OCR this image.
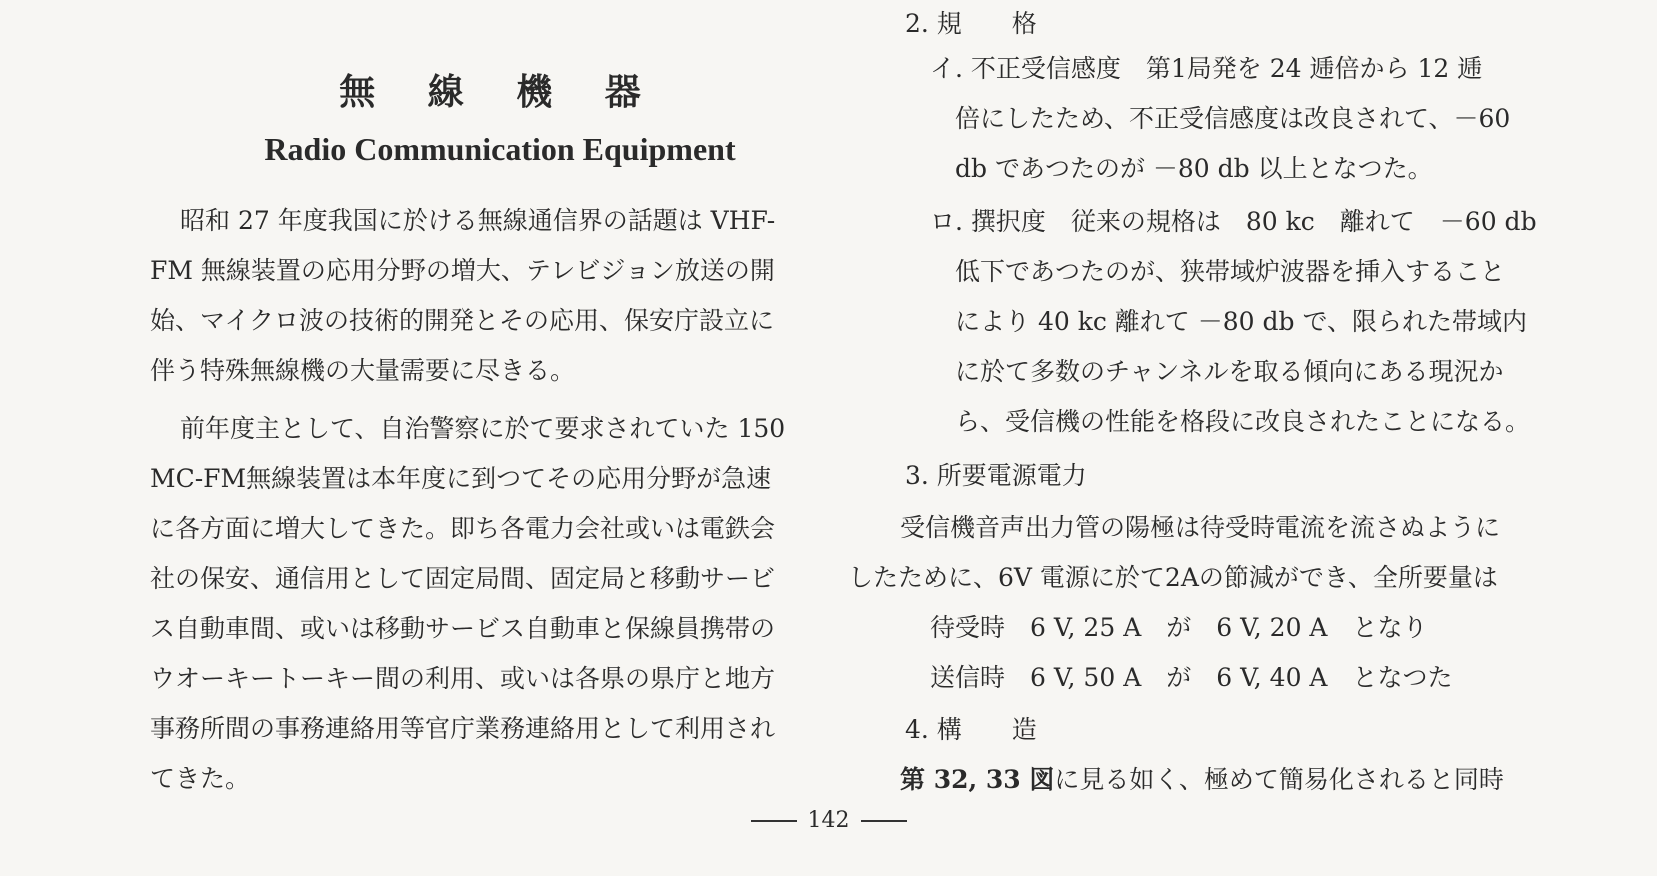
無 線 機 器
Radio Communication Equipment
昭和 27 年度我国に於ける無線通信界の話題は VHF-
FM 無線装置の応用分野の増大、テレビジョン放送の開
始、マイクロ波の技術的開発とその応用、保安庁設立に
伴う特殊無線機の大量需要に尽きる。
前年度主として、自治警察に於て要求されていた 150
MC-FM無線装置は本年度に到つてその応用分野が急速
に各方面に増大してきた。即ち各電力会社或いは電鉄会
社の保安、通信用として固定局間、固定局と移動サービ
ス自動車間、或いは移動サービス自動車と保線員携帯の
ウオーキートーキー間の利用、或いは各県の県庁と地方
事務所間の事務連絡用等官庁業務連絡用として利用され
てきた。
2. 規　　格
イ. 不正受信感度　第1局発を 24 逓倍から 12 逓
倍にしたため、不正受信感度は改良されて、－60
db であつたのが －80 db 以上となつた。
ロ. 撰択度　従来の規格は　80 kc　離れて　－60 db
低下であつたのが、狭帯域炉波器を挿入すること
により 40 kc 離れて －80 db で、限られた帯域内
に於て多数のチャンネルを取る傾向にある現況か
ら、受信機の性能を格段に改良されたことになる。
3. 所要電源電力
受信機音声出力管の陽極は待受時電流を流さぬように
したために、6V 電源に於て2Aの節減ができ、全所要量は
待受時　6 V, 25 A　が　6 V, 20 A　となり
送信時　6 V, 50 A　が　6 V, 40 A　となつた
4. 構　　造
第 32, 33 図に見る如く、極めて簡易化されると同時
142
